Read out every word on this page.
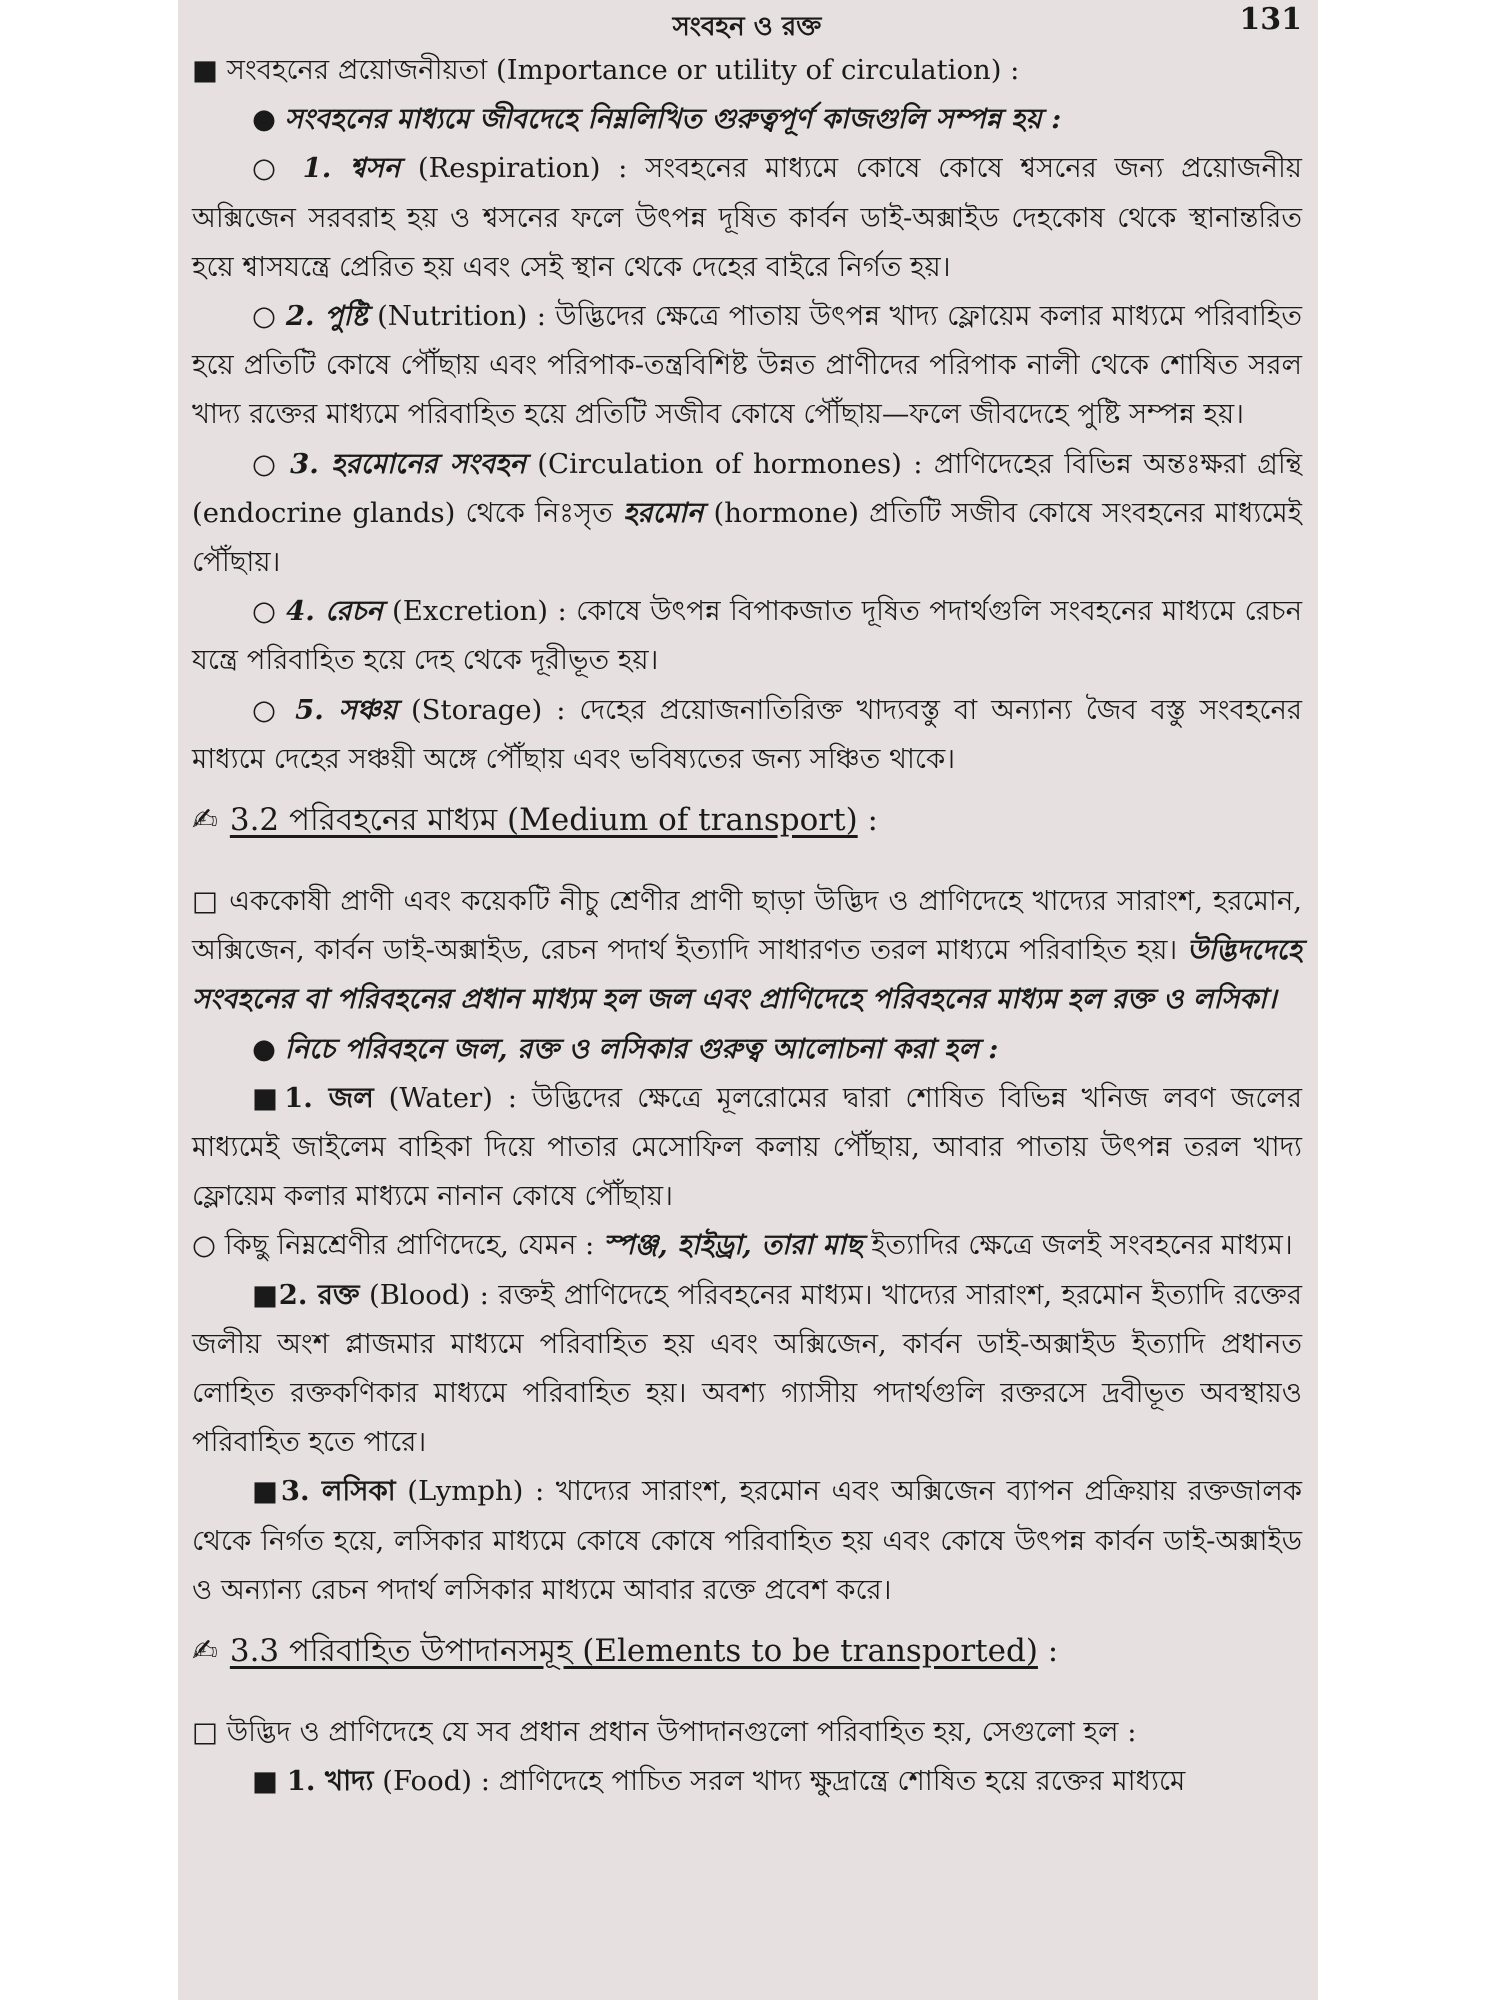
সংবহন ও রক্ত	131

■ সংবহনের প্রয়োজনীয়তা (Importance or utility of circulation) :

● সংবহনের মাধ্যমে জীবদেহে নিম্নলিখিত গুরুত্বপূর্ণ কাজগুলি সম্পন্ন হয় :

○ 1. শ্বসন (Respiration) : সংবহনের মাধ্যমে কোষে কোষে শ্বসনের জন্য প্রয়োজনীয় অক্সিজেন সরবরাহ হয় ও শ্বসনের ফলে উৎপন্ন দূষিত কার্বন ডাই-অক্সাইড দেহকোষ থেকে স্থানান্তরিত হয়ে শ্বাসযন্ত্রে প্রেরিত হয় এবং সেই স্থান থেকে দেহের বাইরে নির্গত হয়।

○ 2. পুষ্টি (Nutrition) : উদ্ভিদের ক্ষেত্রে পাতায় উৎপন্ন খাদ্য ফ্লোয়েম কলার মাধ্যমে পরিবাহিত হয়ে প্রতিটি কোষে পৌঁছায় এবং পরিপাক-তন্ত্রবিশিষ্ট উন্নত প্রাণীদের পরিপাক নালী থেকে শোষিত সরল খাদ্য রক্তের মাধ্যমে পরিবাহিত হয়ে প্রতিটি সজীব কোষে পৌঁছায়—ফলে জীবদেহে পুষ্টি সম্পন্ন হয়।

○ 3. হরমোনের সংবহন (Circulation of hormones) : প্রাণিদেহের বিভিন্ন অন্তঃক্ষরা গ্রন্থি (endocrine glands) থেকে নিঃসৃত হরমোন (hormone) প্রতিটি সজীব কোষে সংবহনের মাধ্যমেই পৌঁছায়।

○ 4. রেচন (Excretion) : কোষে উৎপন্ন বিপাকজাত দূষিত পদার্থগুলি সংবহনের মাধ্যমে রেচন যন্ত্রে পরিবাহিত হয়ে দেহ থেকে দূরীভূত হয়।

○ 5. সঞ্চয় (Storage) : দেহের প্রয়োজনাতিরিক্ত খাদ্যবস্তু বা অন্যান্য জৈব বস্তু সংবহনের মাধ্যমে দেহের সঞ্চয়ী অঙ্গে পৌঁছায় এবং ভবিষ্যতের জন্য সঞ্চিত থাকে।

✍ 3.2 পরিবহনের মাধ্যম (Medium of transport) :

□ এককোষী প্রাণী এবং কয়েকটি নীচু শ্রেণীর প্রাণী ছাড়া উদ্ভিদ ও প্রাণিদেহে খাদ্যের সারাংশ, হরমোন, অক্সিজেন, কার্বন ডাই-অক্সাইড, রেচন পদার্থ ইত্যাদি সাধারণত তরল মাধ্যমে পরিবাহিত হয়। উদ্ভিদদেহে সংবহনের বা পরিবহনের প্রধান মাধ্যম হল জল এবং প্রাণিদেহে পরিবহনের মাধ্যম হল রক্ত ও লসিকা।

● নিচে পরিবহনে জল, রক্ত ও লসিকার গুরুত্ব আলোচনা করা হল :

■1. জল (Water) : উদ্ভিদের ক্ষেত্রে মূলরোমের দ্বারা শোষিত বিভিন্ন খনিজ লবণ জলের মাধ্যমেই জাইলেম বাহিকা দিয়ে পাতার মেসোফিল কলায় পৌঁছায়, আবার পাতায় উৎপন্ন তরল খাদ্য ফ্লোয়েম কলার মাধ্যমে নানান কোষে পৌঁছায়।

○ কিছু নিম্নশ্রেণীর প্রাণিদেহে, যেমন : স্পঞ্জ, হাইড্রা, তারা মাছ ইত্যাদির ক্ষেত্রে জলই সংবহনের মাধ্যম।

■2. রক্ত (Blood) : রক্তই প্রাণিদেহে পরিবহনের মাধ্যম। খাদ্যের সারাংশ, হরমোন ইত্যাদি রক্তের জলীয় অংশ প্লাজমার মাধ্যমে পরিবাহিত হয় এবং অক্সিজেন, কার্বন ডাই-অক্সাইড ইত্যাদি প্রধানত লোহিত রক্তকণিকার মাধ্যমে পরিবাহিত হয়। অবশ্য গ্যাসীয় পদার্থগুলি রক্তরসে দ্রবীভূত অবস্থায়ও পরিবাহিত হতে পারে।

■3. লসিকা (Lymph) : খাদ্যের সারাংশ, হরমোন এবং অক্সিজেন ব্যাপন প্রক্রিয়ায় রক্তজালক থেকে নির্গত হয়ে, লসিকার মাধ্যমে কোষে কোষে পরিবাহিত হয় এবং কোষে উৎপন্ন কার্বন ডাই-অক্সাইড ও অন্যান্য রেচন পদার্থ লসিকার মাধ্যমে আবার রক্তে প্রবেশ করে।

✍ 3.3 পরিবাহিত উপাদানসমূহ (Elements to be transported) :

□ উদ্ভিদ ও প্রাণিদেহে যে সব প্রধান প্রধান উপাদানগুলো পরিবাহিত হয়, সেগুলো হল :

■ 1. খাদ্য (Food) : প্রাণিদেহে পাচিত সরল খাদ্য ক্ষুদ্রান্ত্রে শোষিত হয়ে রক্তের মাধ্যমে
